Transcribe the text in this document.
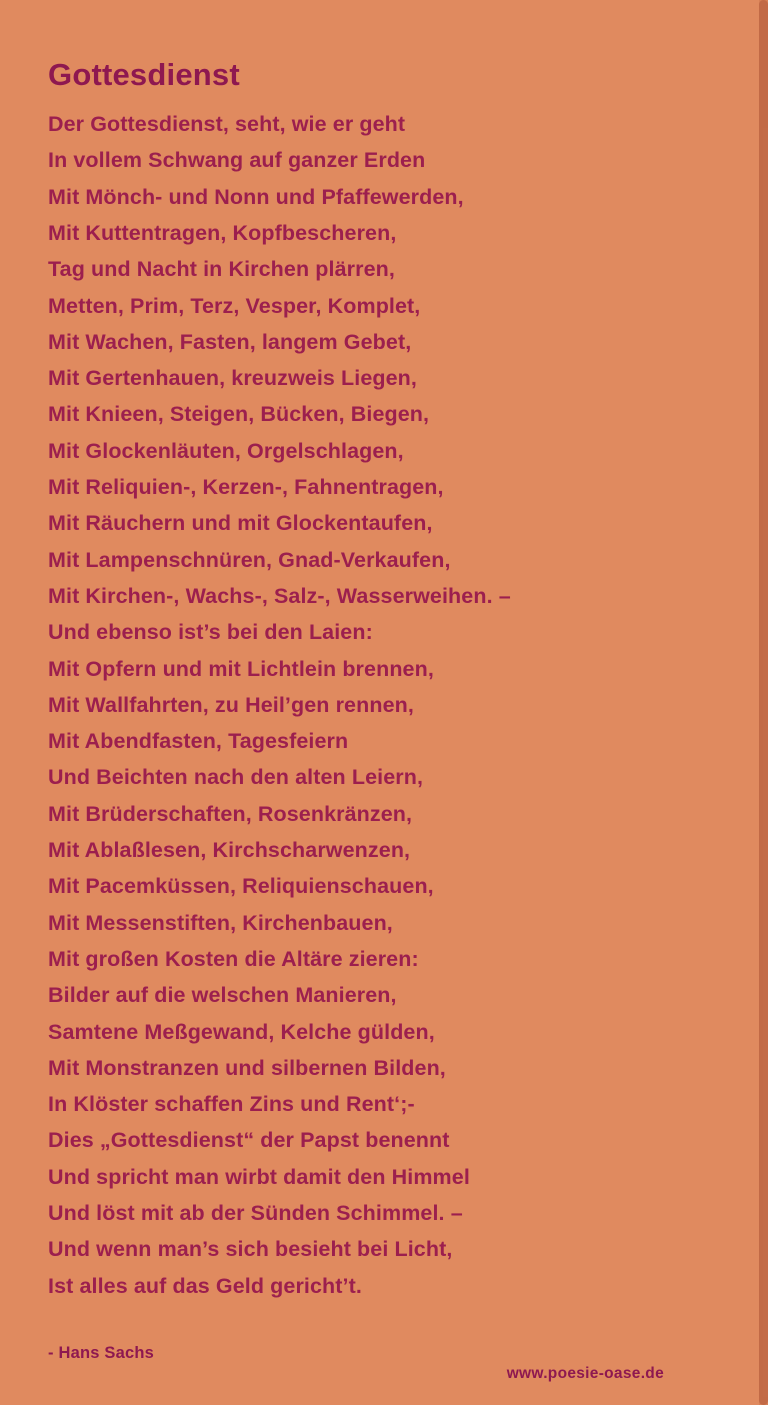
Gottesdienst
Der Gottesdienst, seht, wie er geht
In vollem Schwang auf ganzer Erden
Mit Mönch- und Nonn und Pfaffewerden,
Mit Kuttentragen, Kopfbescheren,
Tag und Nacht in Kirchen plärren,
Metten, Prim, Terz, Vesper, Komplet,
Mit Wachen, Fasten, langem Gebet,
Mit Gertenhauen, kreuzweis Liegen,
Mit Knieen, Steigen, Bücken, Biegen,
Mit Glockenläuten, Orgelschlagen,
Mit Reliquien-, Kerzen-, Fahnentragen,
Mit Räuchern und mit Glockentaufen,
Mit Lampenschnüren, Gnad-Verkaufen,
Mit Kirchen-, Wachs-, Salz-, Wasserweihen. –
Und ebenso ist’s bei den Laien:
Mit Opfern und mit Lichtlein brennen,
Mit Wallfahrten, zu Heil’gen rennen,
Mit Abendfasten, Tagesfeiern
Und Beichten nach den alten Leiern,
Mit Brüderschaften, Rosenkränzen,
Mit Ablaßlesen, Kirchscharwenzen,
Mit Pacemküssen, Reliquienschauen,
Mit Messenstiften, Kirchenbauen,
Mit großen Kosten die Altäre zieren:
Bilder auf die welschen Manieren,
Samtene Meßgewand, Kelche gülden,
Mit Monstranzen und silbernen Bilden,
In Klöster schaffen Zins und Rent‘;-
Dies „Gottesdienst“ der Papst benennt
Und spricht man wirbt damit den Himmel
Und löst mit ab der Sünden Schimmel. –
Und wenn man’s sich besieht bei Licht,
Ist alles auf das Geld gericht’t.
- Hans Sachs
www.poesie-oase.de
